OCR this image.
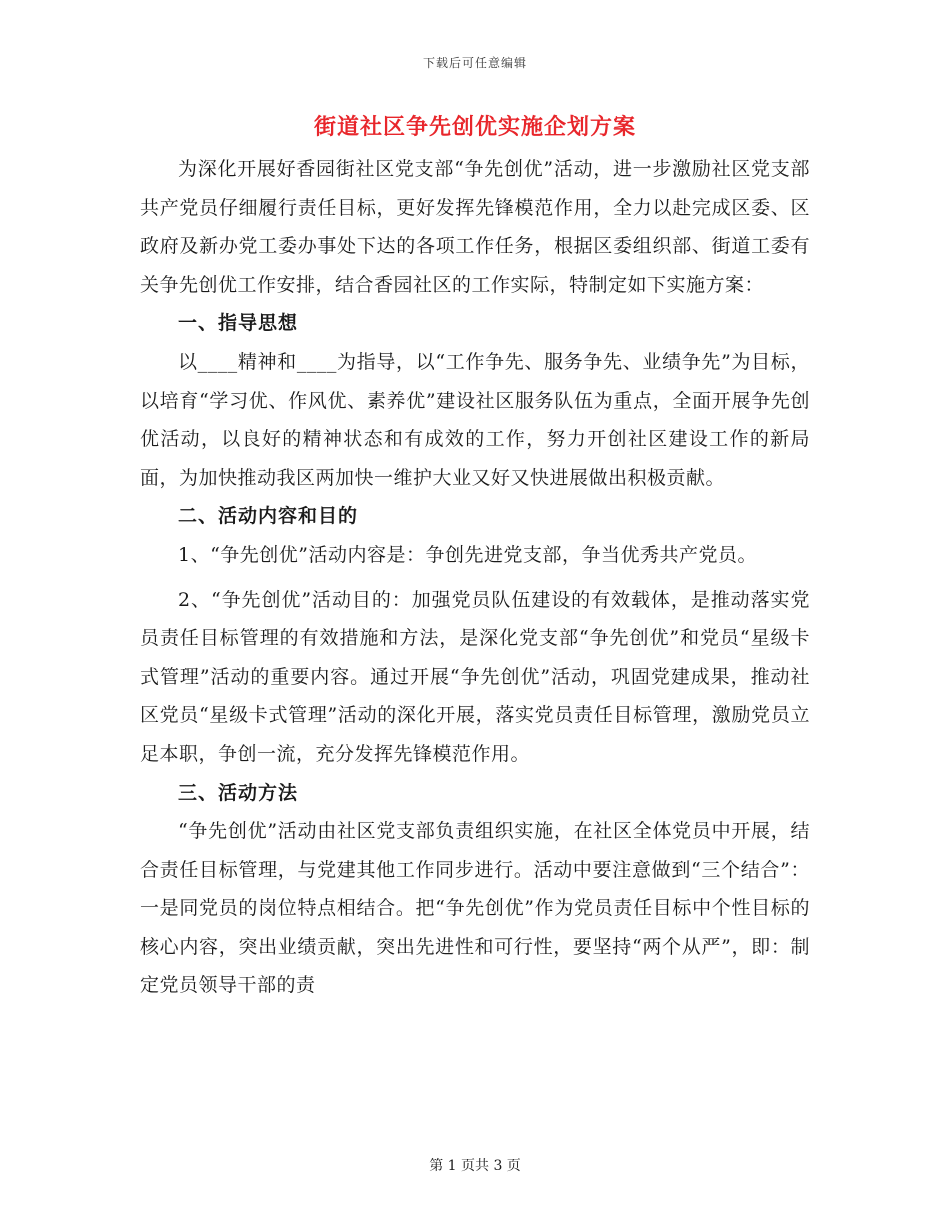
下载后可任意编辑
街道社区争先创优实施企划方案

为深化开展好香园街社区党支部“争先创优”活动，进一步激励社区党支部共产党员仔细履行责任目标，更好发挥先锋模范作用，全力以赴完成区委、区政府及新办党工委办事处下达的各项工作任务，根据区委组织部、街道工委有关争先创优工作安排，结合香园社区的工作实际，特制定如下实施方案：

一、指导思想

以____精神和____为指导，以“工作争先、服务争先、业绩争先”为目标，以培育“学习优、作风优、素养优”建设社区服务队伍为重点，全面开展争先创优活动，以良好的精神状态和有成效的工作，努力开创社区建设工作的新局面，为加快推动我区两加快一维护大业又好又快进展做出积极贡献。

二、活动内容和目的

1、“争先创优”活动内容是：争创先进党支部，争当优秀共产党员。

2、“争先创优”活动目的：加强党员队伍建设的有效载体，是推动落实党员责任目标管理的有效措施和方法，是深化党支部“争先创优”和党员“星级卡式管理”活动的重要内容。通过开展“争先创优”活动，巩固党建成果，推动社区党员“星级卡式管理”活动的深化开展，落实党员责任目标管理，激励党员立足本职，争创一流，充分发挥先锋模范作用。

三、活动方法

“争先创优”活动由社区党支部负责组织实施，在社区全体党员中开展，结合责任目标管理，与党建其他工作同步进行。活动中要注意做到“三个结合”：一是同党员的岗位特点相结合。把“争先创优”作为党员责任目标中个性目标的核心内容，突出业绩贡献，突出先进性和可行性，要坚持“两个从严”，即：制定党员领导干部的责

第 1 页共 3 页
